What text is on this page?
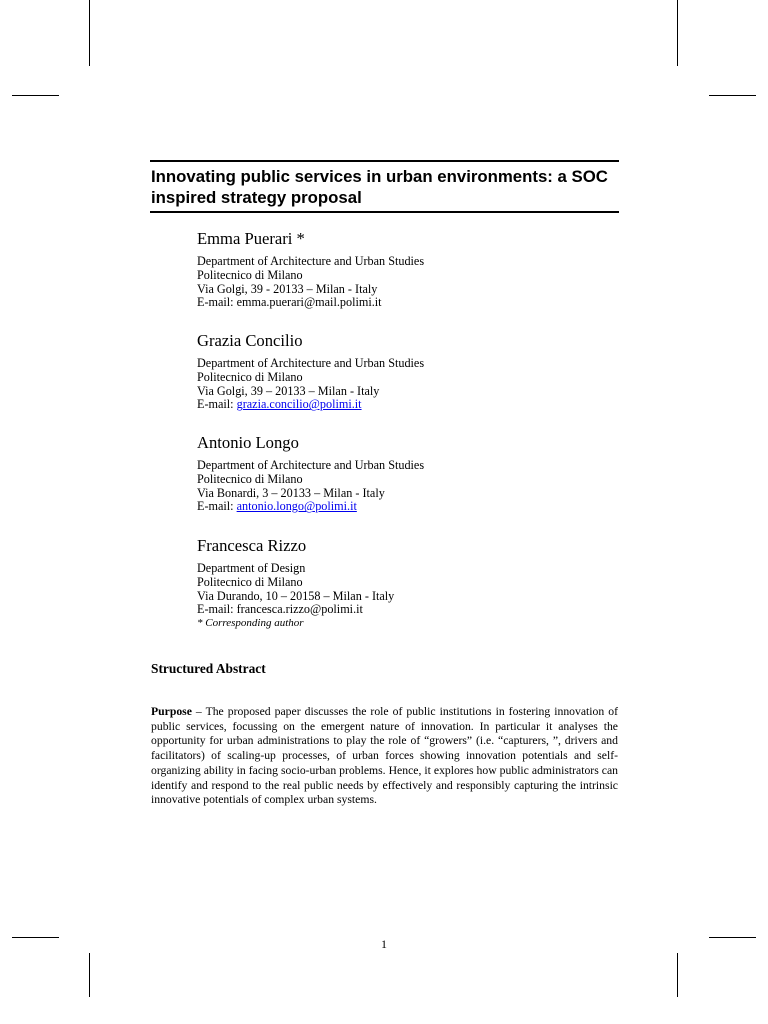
Innovating public services in urban environments: a SOC inspired strategy proposal
Emma Puerari *
Department of Architecture and Urban Studies
Politecnico di Milano
Via Golgi, 39 - 20133 – Milan - Italy
E-mail: emma.puerari@mail.polimi.it
Grazia Concilio
Department of Architecture and Urban Studies
Politecnico di Milano
Via Golgi, 39 – 20133 – Milan - Italy
E-mail: grazia.concilio@polimi.it
Antonio Longo
Department of Architecture and Urban Studies
Politecnico di Milano
Via Bonardi, 3 – 20133 – Milan - Italy
E-mail: antonio.longo@polimi.it
Francesca Rizzo
Department of Design
Politecnico di Milano
Via Durando, 10 – 20158 – Milan - Italy
E-mail: francesca.rizzo@polimi.it
* Corresponding author
Structured Abstract
Purpose – The proposed paper discusses the role of public institutions in fostering innovation of public services, focussing on the emergent nature of innovation. In particular it analyses the opportunity for urban administrations to play the role of “growers” (i.e. “capturers, ”, drivers and facilitators) of scaling-up processes, of urban forces showing innovation potentials and self-organizing ability in facing socio-urban problems. Hence, it explores how public administrators can identify and respond to the real public needs by effectively and responsibly capturing the intrinsic innovative potentials of complex urban systems.
1
